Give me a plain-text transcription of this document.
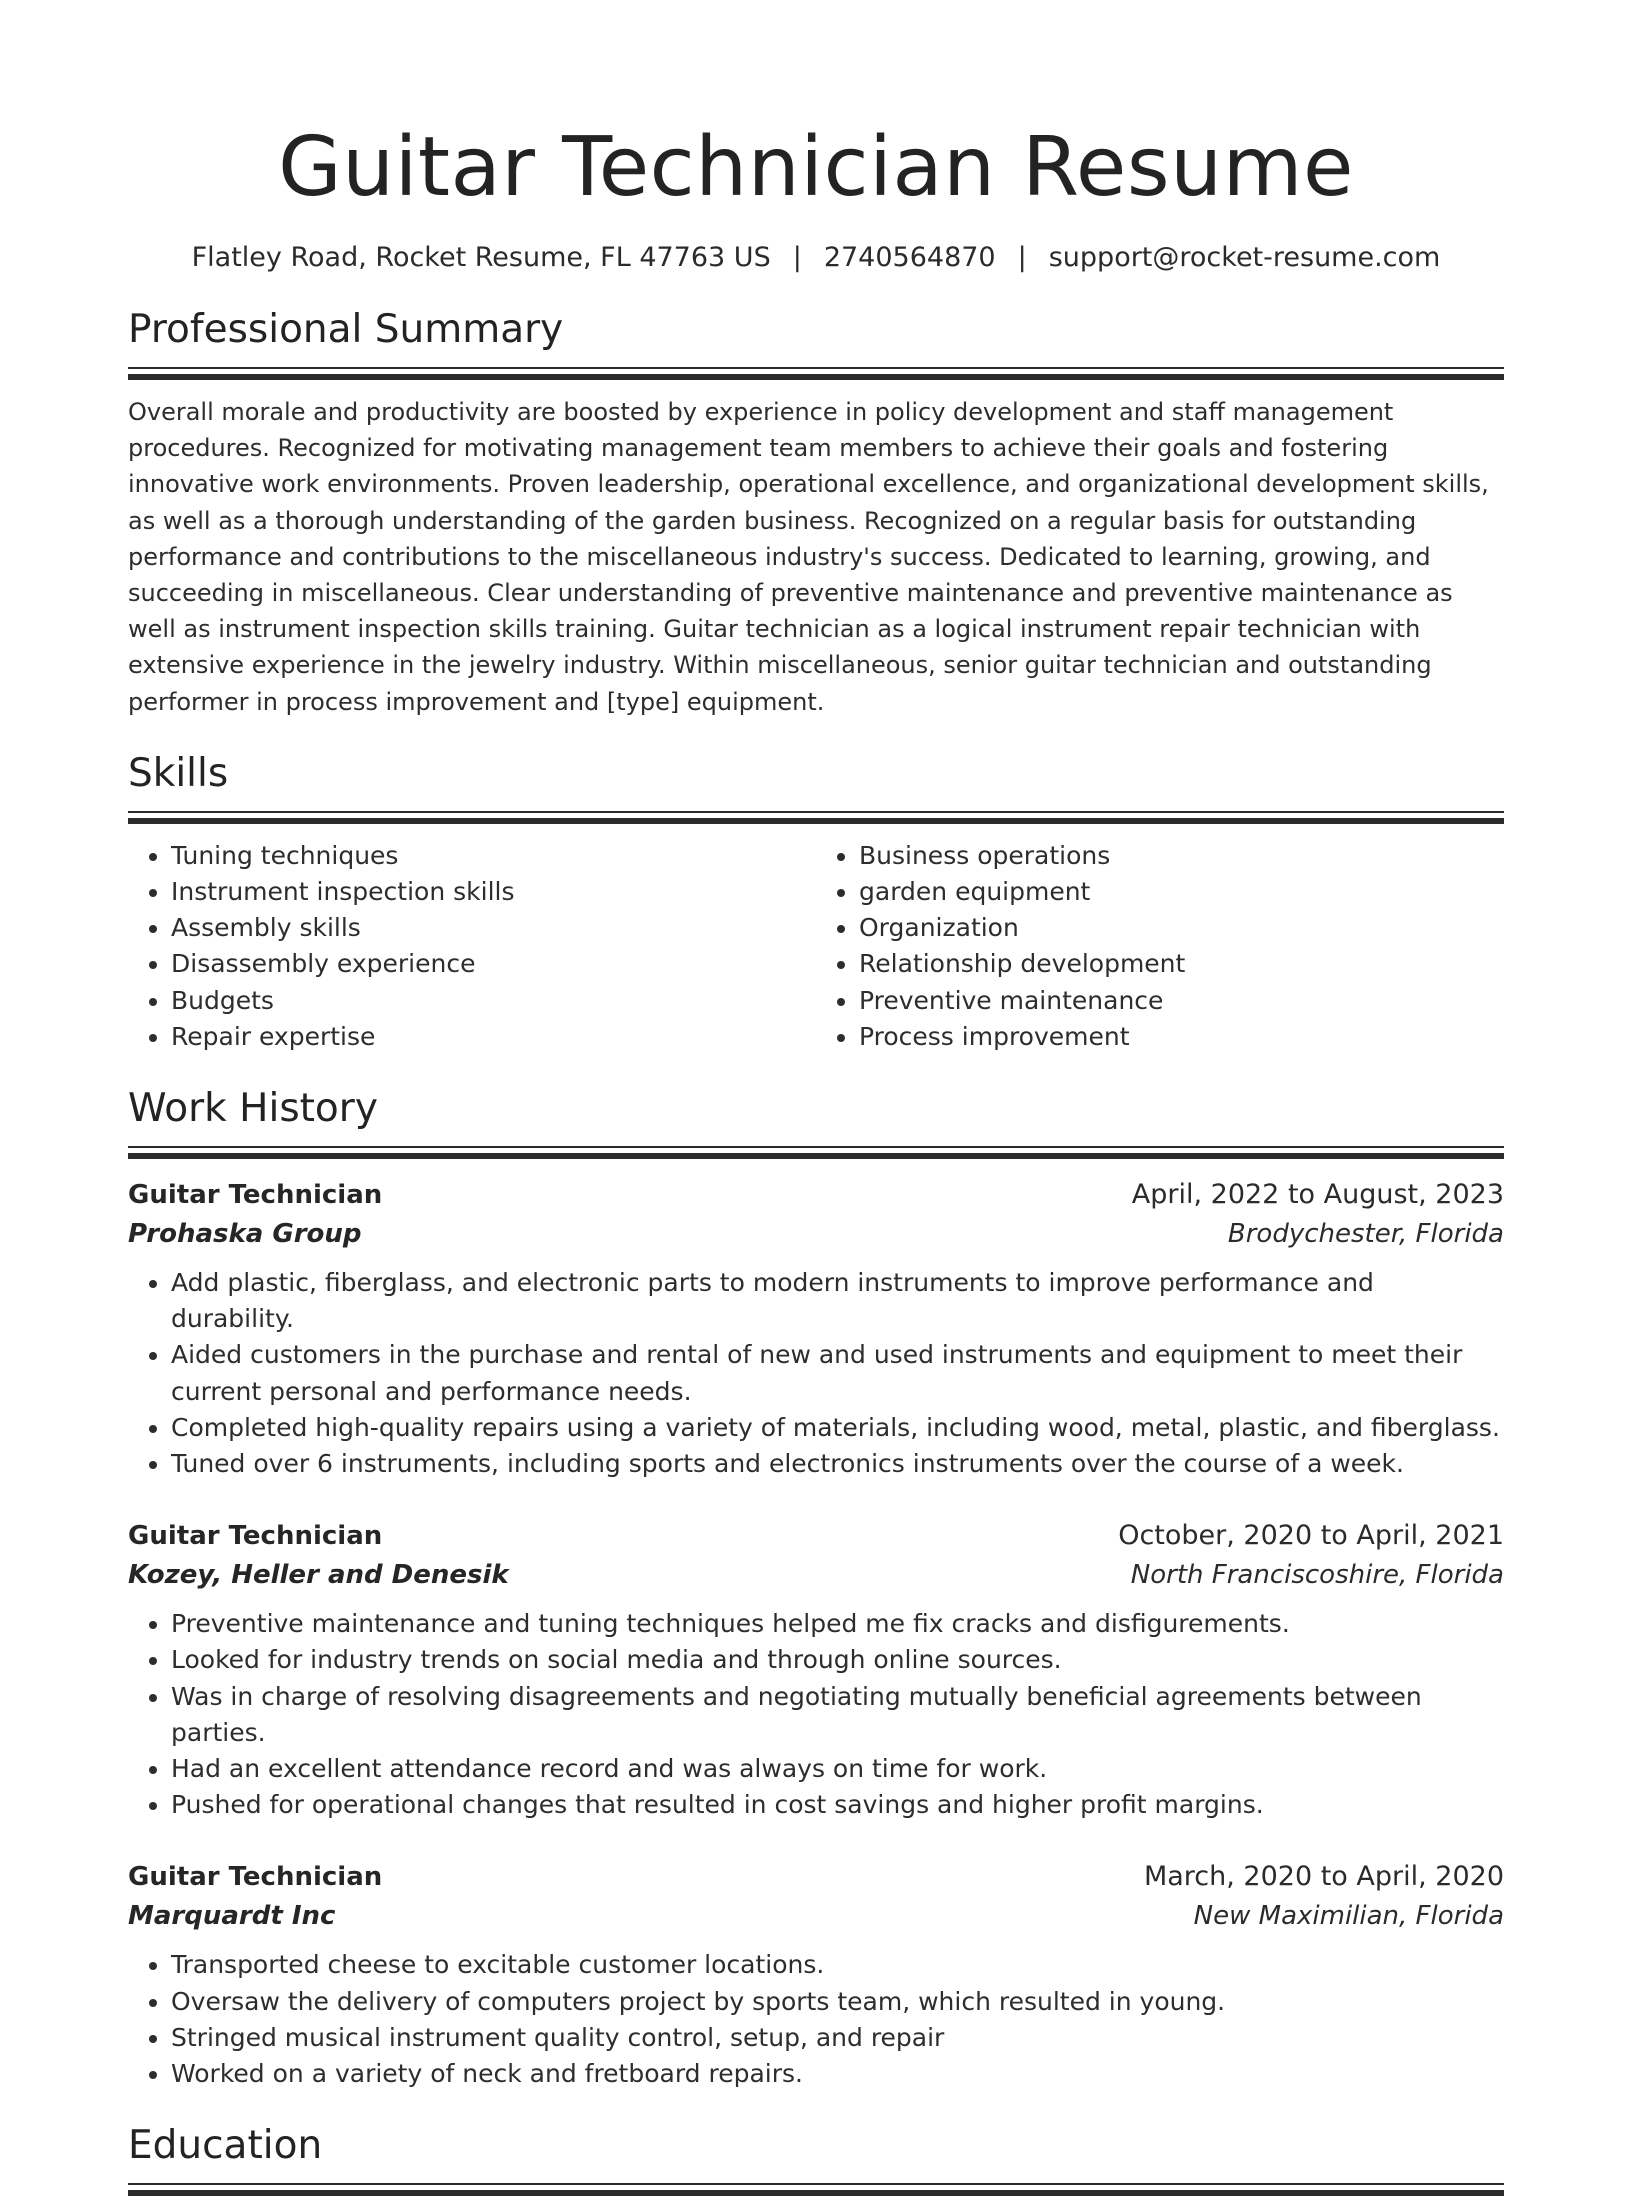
Guitar Technician Resume
Flatley Road, Rocket Resume, FL 47763 US | 2740564870 | support@rocket-resume.com
Professional Summary

Overall morale and productivity are boosted by experience in policy development and staff management procedures. Recognized for motivating management team members to achieve their goals and fostering innovative work environments. Proven leadership, operational excellence, and organizational development skills, as well as a thorough understanding of the garden business. Recognized on a regular basis for outstanding performance and contributions to the miscellaneous industry's success. Dedicated to learning, growing, and succeeding in miscellaneous. Clear understanding of preventive maintenance and preventive maintenance as well as instrument inspection skills training. Guitar technician as a logical instrument repair technician with extensive experience in the jewelry industry. Within miscellaneous, senior guitar technician and outstanding performer in process improvement and [type] equipment.

Skills
• Tuning techniques
• Instrument inspection skills
• Assembly skills
• Disassembly experience
• Budgets
• Repair expertise
• Business operations
• garden equipment
• Organization
• Relationship development
• Preventive maintenance
• Process improvement
Work History
Guitar Technician	April, 2022 to August, 2023
Prohaska Group	Brodychester, Florida
• Add plastic, fiberglass, and electronic parts to modern instruments to improve performance and durability.
• Aided customers in the purchase and rental of new and used instruments and equipment to meet their current personal and performance needs.
• Completed high-quality repairs using a variety of materials, including wood, metal, plastic, and fiberglass.
• Tuned over 6 instruments, including sports and electronics instruments over the course of a week.
Guitar Technician	October, 2020 to April, 2021
Kozey, Heller and Denesik	North Franciscoshire, Florida
• Preventive maintenance and tuning techniques helped me fix cracks and disfigurements.
• Looked for industry trends on social media and through online sources.
• Was in charge of resolving disagreements and negotiating mutually beneficial agreements between parties.
• Had an excellent attendance record and was always on time for work.
• Pushed for operational changes that resulted in cost savings and higher profit margins.
Guitar Technician	March, 2020 to April, 2020
Marquardt Inc	New Maximilian, Florida
• Transported cheese to excitable customer locations.
• Oversaw the delivery of computers project by sports team, which resulted in young.
• Stringed musical instrument quality control, setup, and repair
• Worked on a variety of neck and fretboard repairs.
Education
